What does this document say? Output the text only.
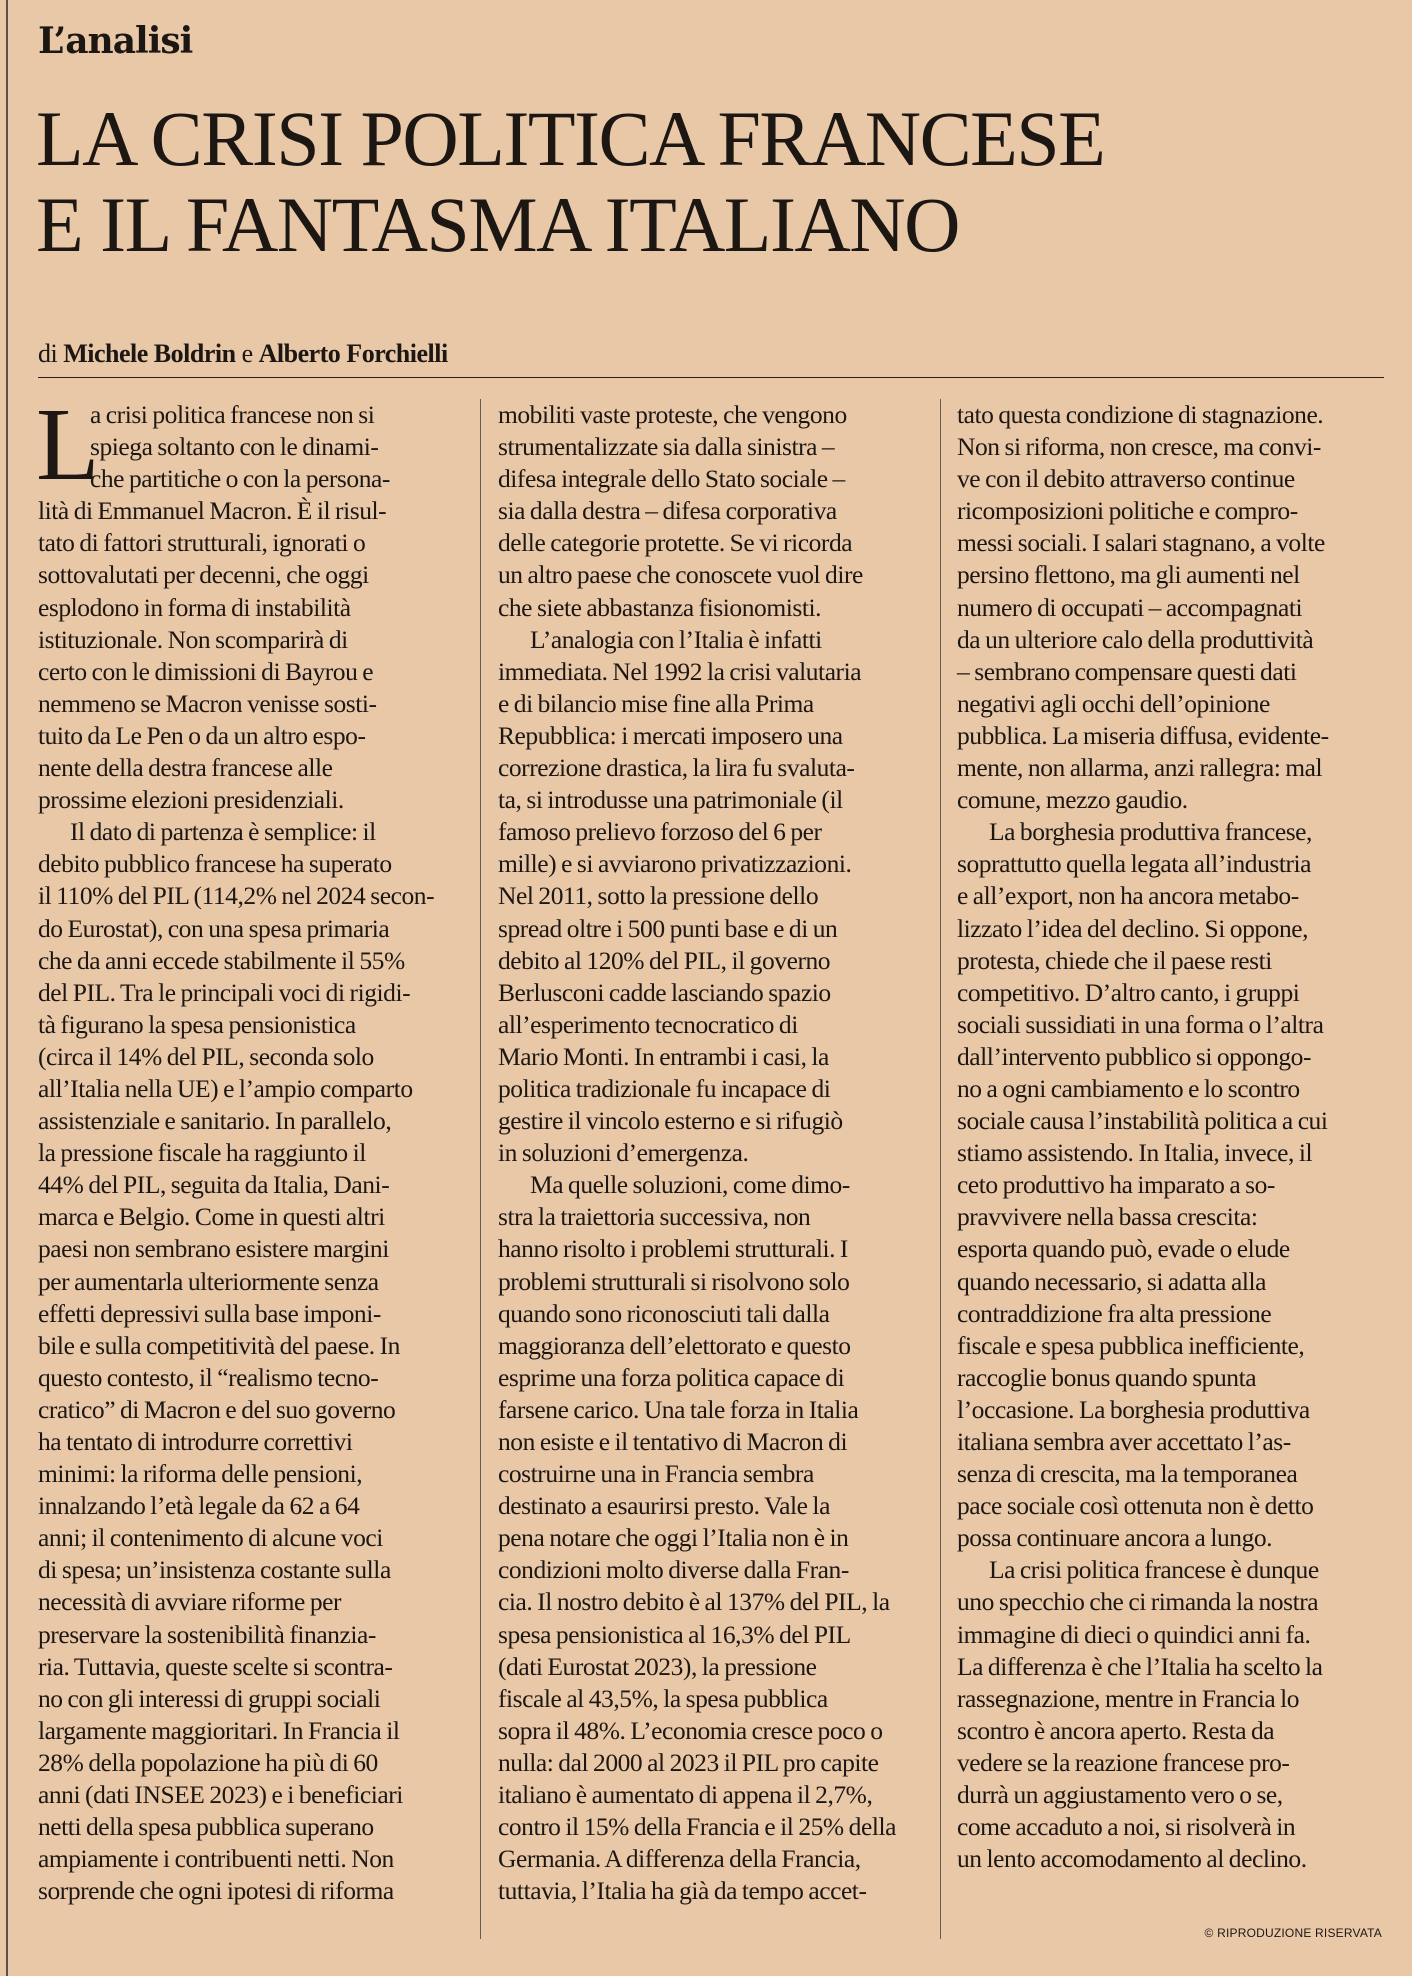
L’analisi
LA CRISI POLITICA FRANCESE
E IL FANTASMA ITALIANO
di Michele Boldrin e Alberto Forchielli
L
a crisi politica francese non si
spiega soltanto con le dinami-
che partitiche o con la persona-
lità di Emmanuel Macron. È il risul-
tato di fattori strutturali, ignorati o
sottovalutati per decenni, che oggi
esplodono in forma di instabilità
istituzionale. Non scomparirà di
certo con le dimissioni di Bayrou e
nemmeno se Macron venisse sosti-
tuito da Le Pen o da un altro espo-
nente della destra francese alle
prossime elezioni presidenziali.
Il dato di partenza è semplice: il
debito pubblico francese ha superato
il 110% del PIL (114,2% nel 2024 secon-
do Eurostat), con una spesa primaria
che da anni eccede stabilmente il 55%
del PIL. Tra le principali voci di rigidi-
tà figurano la spesa pensionistica
(circa il 14% del PIL, seconda solo
all’Italia nella UE) e l’ampio comparto
assistenziale e sanitario. In parallelo,
la pressione fiscale ha raggiunto il
44% del PIL, seguita da Italia, Dani-
marca e Belgio. Come in questi altri
paesi non sembrano esistere margini
per aumentarla ulteriormente senza
effetti depressivi sulla base imponi-
bile e sulla competitività del paese. In
questo contesto, il “realismo tecno-
cratico” di Macron e del suo governo
ha tentato di introdurre correttivi
minimi: la riforma delle pensioni,
innalzando l’età legale da 62 a 64
anni; il contenimento di alcune voci
di spesa; un’insistenza costante sulla
necessità di avviare riforme per
preservare la sostenibilità finanzia-
ria. Tuttavia, queste scelte si scontra-
no con gli interessi di gruppi sociali
largamente maggioritari. In Francia il
28% della popolazione ha più di 60
anni (dati INSEE 2023) e i beneficiari
netti della spesa pubblica superano
ampiamente i contribuenti netti. Non
sorprende che ogni ipotesi di riforma
mobiliti vaste proteste, che vengono
strumentalizzate sia dalla sinistra –
difesa integrale dello Stato sociale –
sia dalla destra – difesa corporativa
delle categorie protette. Se vi ricorda
un altro paese che conoscete vuol dire
che siete abbastanza fisionomisti.
L’analogia con l’Italia è infatti
immediata. Nel 1992 la crisi valutaria
e di bilancio mise fine alla Prima
Repubblica: i mercati imposero una
correzione drastica, la lira fu svaluta-
ta, si introdusse una patrimoniale (il
famoso prelievo forzoso del 6 per
mille) e si avviarono privatizzazioni.
Nel 2011, sotto la pressione dello
spread oltre i 500 punti base e di un
debito al 120% del PIL, il governo
Berlusconi cadde lasciando spazio
all’esperimento tecnocratico di
Mario Monti. In entrambi i casi, la
politica tradizionale fu incapace di
gestire il vincolo esterno e si rifugiò
in soluzioni d’emergenza.
Ma quelle soluzioni, come dimo-
stra la traiettoria successiva, non
hanno risolto i problemi strutturali. I
problemi strutturali si risolvono solo
quando sono riconosciuti tali dalla
maggioranza dell’elettorato e questo
esprime una forza politica capace di
farsene carico. Una tale forza in Italia
non esiste e il tentativo di Macron di
costruirne una in Francia sembra
destinato a esaurirsi presto. Vale la
pena notare che oggi l’Italia non è in
condizioni molto diverse dalla Fran-
cia. Il nostro debito è al 137% del PIL, la
spesa pensionistica al 16,3% del PIL
(dati Eurostat 2023), la pressione
fiscale al 43,5%, la spesa pubblica
sopra il 48%. L’economia cresce poco o
nulla: dal 2000 al 2023 il PIL pro capite
italiano è aumentato di appena il 2,7%,
contro il 15% della Francia e il 25% della
Germania. A differenza della Francia,
tuttavia, l’Italia ha già da tempo accet-
tato questa condizione di stagnazione.
Non si riforma, non cresce, ma convi-
ve con il debito attraverso continue
ricomposizioni politiche e compro-
messi sociali. I salari stagnano, a volte
persino flettono, ma gli aumenti nel
numero di occupati – accompagnati
da un ulteriore calo della produttività
– sembrano compensare questi dati
negativi agli occhi dell’opinione
pubblica. La miseria diffusa, evidente-
mente, non allarma, anzi rallegra: mal
comune, mezzo gaudio.
La borghesia produttiva francese,
soprattutto quella legata all’industria
e all’export, non ha ancora metabo-
lizzato l’idea del declino. Si oppone,
protesta, chiede che il paese resti
competitivo. D’altro canto, i gruppi
sociali sussidiati in una forma o l’altra
dall’intervento pubblico si oppongo-
no a ogni cambiamento e lo scontro
sociale causa l’instabilità politica a cui
stiamo assistendo. In Italia, invece, il
ceto produttivo ha imparato a so-
pravvivere nella bassa crescita:
esporta quando può, evade o elude
quando necessario, si adatta alla
contraddizione fra alta pressione
fiscale e spesa pubblica inefficiente,
raccoglie bonus quando spunta
l’occasione. La borghesia produttiva
italiana sembra aver accettato l’as-
senza di crescita, ma la temporanea
pace sociale così ottenuta non è detto
possa continuare ancora a lungo.
La crisi politica francese è dunque
uno specchio che ci rimanda la nostra
immagine di dieci o quindici anni fa.
La differenza è che l’Italia ha scelto la
rassegnazione, mentre in Francia lo
scontro è ancora aperto. Resta da
vedere se la reazione francese pro-
durrà un aggiustamento vero o se,
come accaduto a noi, si risolverà in
un lento accomodamento al declino.
© RIPRODUZIONE RISERVATA
